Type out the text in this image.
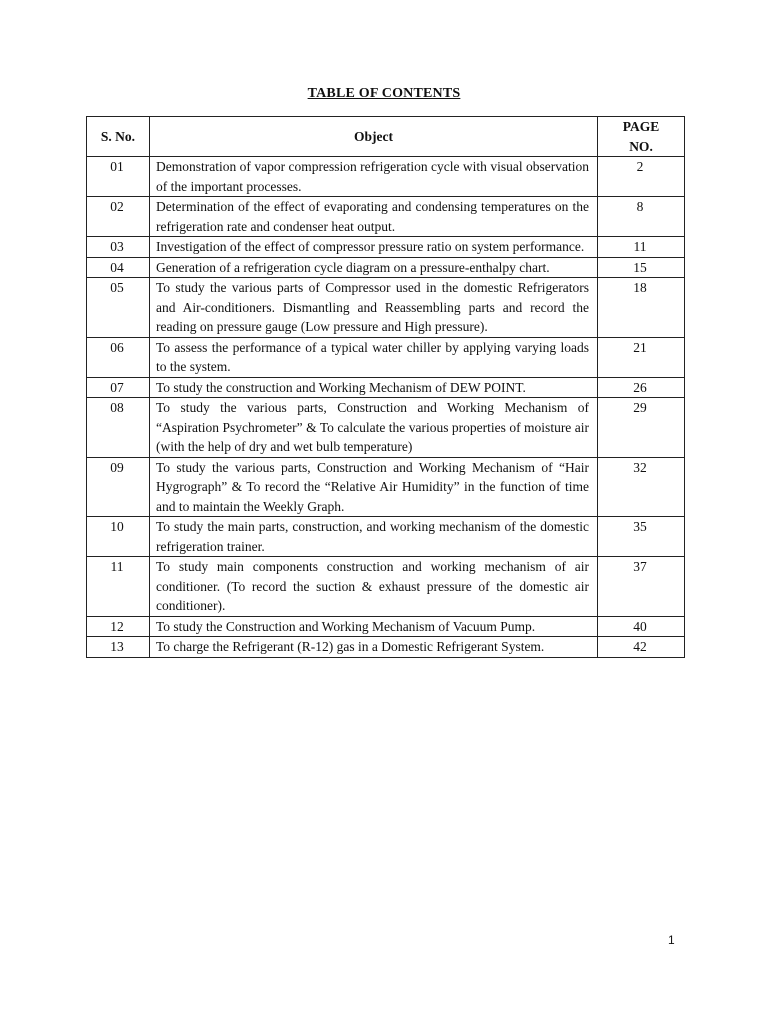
TABLE OF CONTENTS
S. No.	Object	PAGE NO.
01	Demonstration of vapor compression refrigeration cycle with visual observation of the important processes.	2
02	Determination of the effect of evaporating and condensing temperatures on the refrigeration rate and condenser heat output.	8
03	Investigation of the effect of compressor pressure ratio on system performance.	11
04	Generation of a refrigeration cycle diagram on a pressure-enthalpy chart.	15
05	To study the various parts of Compressor used in the domestic Refrigerators and Air-conditioners. Dismantling and Reassembling parts and record the reading on pressure gauge (Low pressure and High pressure).	18
06	To assess the performance of a typical water chiller by applying varying loads to the system.	21
07	To study the construction and Working Mechanism of DEW POINT.	26
08	To study the various parts, Construction and Working Mechanism of “Aspiration Psychrometer” & To calculate the various properties of moisture air (with the help of dry and wet bulb temperature)	29
09	To study the various parts, Construction and Working Mechanism of “Hair Hygrograph” & To record the “Relative Air Humidity” in the function of time and to maintain the Weekly Graph.	32
10	To study the main parts, construction, and working mechanism of the domestic refrigeration trainer.	35
11	To study main components construction and working mechanism of air conditioner. (To record the suction & exhaust pressure of the domestic air conditioner).	37
12	To study the Construction and Working Mechanism of Vacuum Pump.	40
13	To charge the Refrigerant (R-12) gas in a Domestic Refrigerant System.	42
1
